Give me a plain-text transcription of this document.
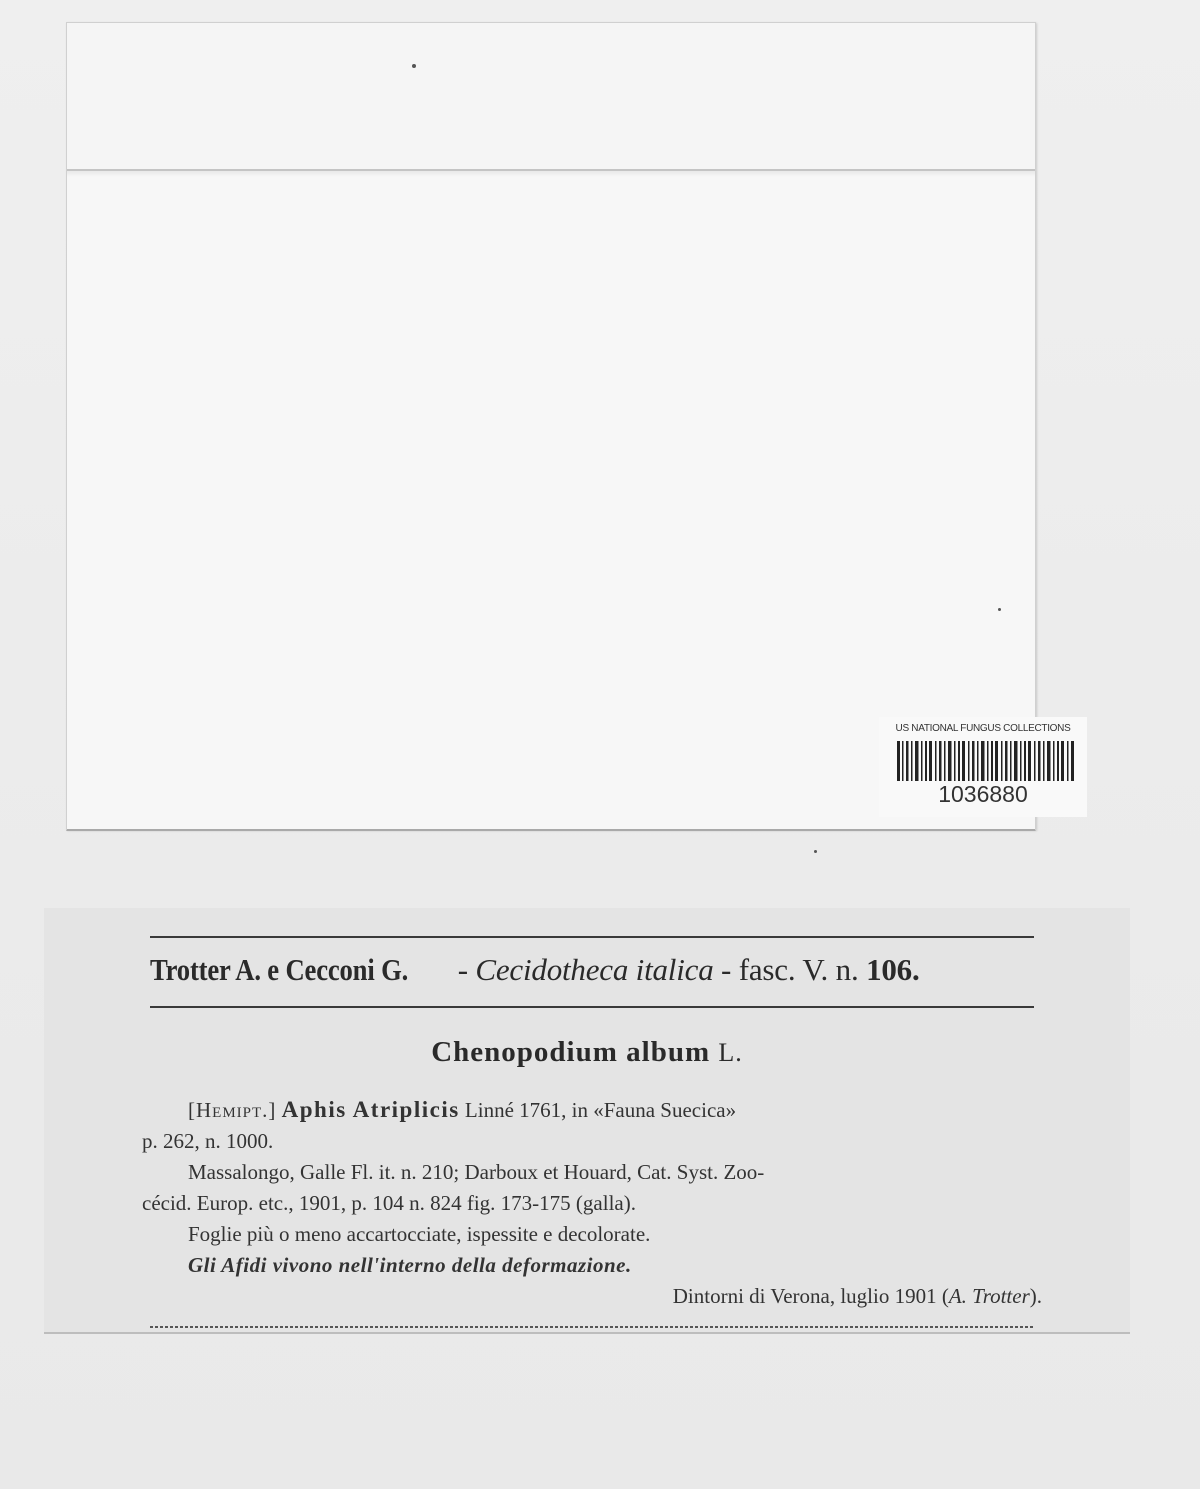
US NATIONAL FUNGUS COLLECTIONS
1036880
Trotter A. e Cecconi G. - Cecidotheca italica - fasc. V. n. 106.
Chenopodium album L.
[Hemipt.] Aphis Atriplicis Linné 1761, in «Fauna Suecica»
p. 262, n. 1000.
Massalongo, Galle Fl. it. n. 210; Darboux et Houard, Cat. Syst. Zoo-
cécid. Europ. etc., 1901, p. 104 n. 824 fig. 173-175 (galla).
Foglie più o meno accartocciate, ispessite e decolorate.
Gli Afidi vivono nell'interno della deformazione.
Dintorni di Verona, luglio 1901 (A. Trotter).
